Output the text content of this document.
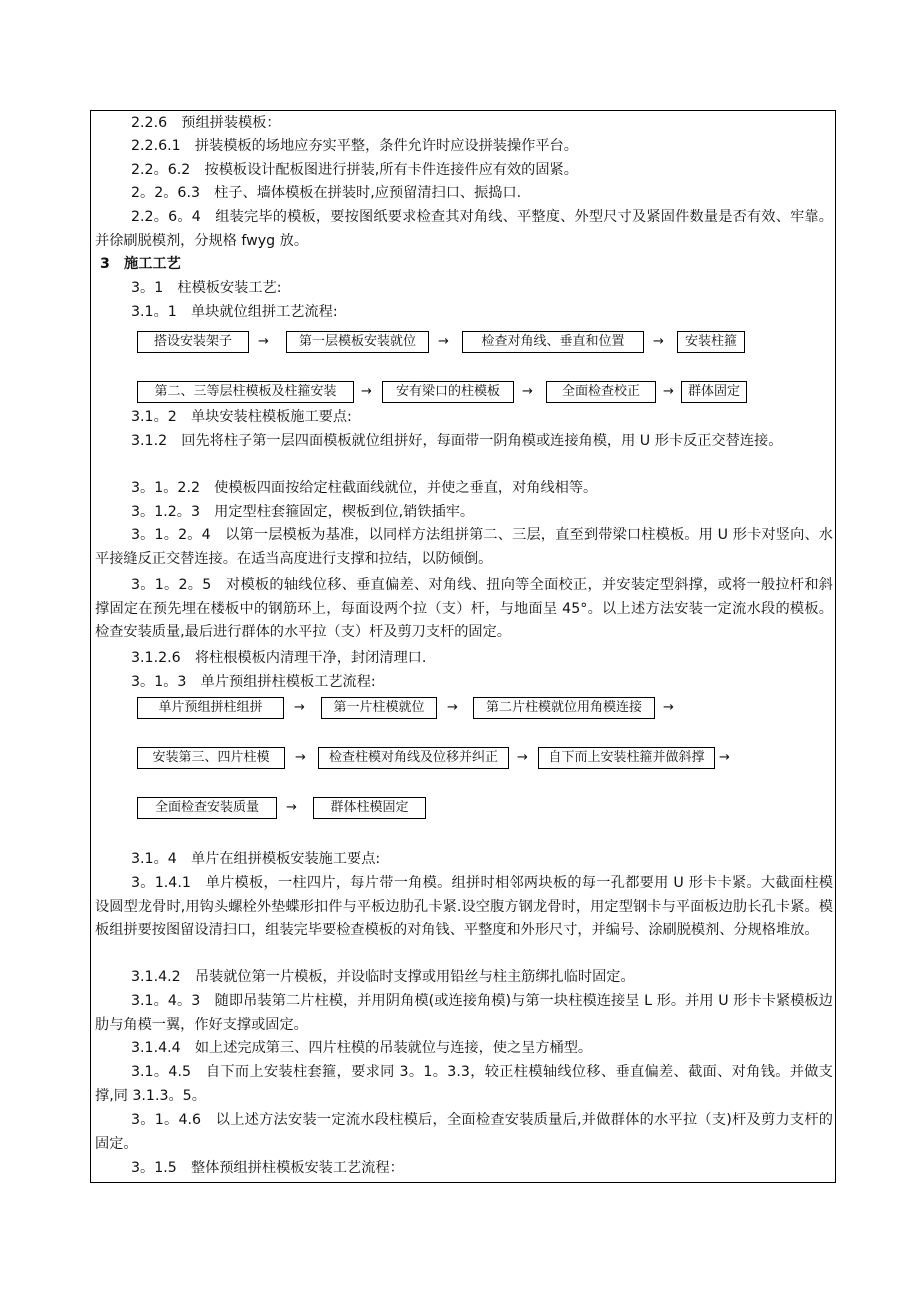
2.2.6　预组拼装模板：
2.2.6.1　拼装模板的场地应夯实平整，条件允许时应设拼装操作平台。
2.2。6.2　按模板设计配板图进行拼装,所有卡件连接件应有效的固紧。
2。2。6.3　柱子、墙体模板在拼装时,应预留清扫口、振捣口.
2.2。6。4　组装完毕的模板，要按图纸要求检查其对角线、平整度、外型尺寸及紧固件数量是否有效、牢靠。并徐刷脱模剂，分规格 fwyg 放。
3　施工工艺
3。1　柱模板安装工艺:
3.1。1　单块就位组拼工艺流程:
搭设安装架子	→	第一层模板安装就位	→	检查对角线、垂直和位置	→	安装柱箍
第二、三等层柱模板及柱箍安装	→	安有梁口的柱模板	→	全面检查校正	→	群体固定
3.1。2　单块安装柱模板施工要点:
3.1.2　回先将柱子第一层四面模板就位组拼好，每面带一阴角模或连接角模，用 U 形卡反正交替连接。
3。1。2.2　使模板四面按给定柱截面线就位，并使之垂直，对角线相等。
3。1.2。3　用定型柱套箍固定，楔板到位,销铁插牢。
3。1。2。4　以第一层模板为基准，以同样方法组拼第二、三层，直至到带梁口柱模板。用 U 形卡对竖向、水平接缝反正交替连接。在适当高度进行支撑和拉结，以防倾倒。
3。1。2。5　对模板的轴线位移、垂直偏差、对角线、扭向等全面校正，并安装定型斜撑，或将一般拉杆和斜撑固定在预先埋在楼板中的钢筋环上，每面设两个拉（支）杆，与地面呈 45°。以上述方法安装一定流水段的模板。检查安装质量,最后进行群体的水平拉（支）杆及剪刀支杆的固定。
3.1.2.6　将柱根模板内清理干净，封闭清理口.
3。1。3　单片预组拼柱模板工艺流程:
单片预组拼柱组拼	→	第一片柱模就位	→	第二片柱模就位用角模连接	→
安装第三、四片柱模	→	检查柱模对角线及位移并纠正	→	自下而上安装柱箍并做斜撑	→
全面检查安装质量	→	群体柱模固定
3.1。4　单片在组拼模板安装施工要点:
3。1.4.1　单片模板，一柱四片，每片带一角模。组拼时相邻两块板的每一孔都要用 U 形卡卡紧。大截面柱模设圆型龙骨时,用钩头螺栓外垫蝶形扣件与平板边肋孔卡紧.设空腹方钢龙骨时，用定型钢卡与平面板边肋长孔卡紧。模板组拼要按图留设清扫口，组装完毕要检查模板的对角钱、平整度和外形尺寸，并编号、涂刷脱模剂、分规格堆放。
3.1.4.2　吊装就位第一片模板，并设临时支撑或用铅丝与柱主筋绑扎临时固定。
3.1。4。3　随即吊装第二片柱模，并用阴角模(或连接角模)与第一块柱模连接呈 L 形。并用 U 形卡卡紧模板边肋与角模一翼，作好支撑或固定。
3.1.4.4　如上述完成第三、四片柱模的吊装就位与连接，使之呈方桶型。
3.1。4.5　自下而上安装柱套箍，要求同 3。1。3.3，较正柱模轴线位移、垂直偏差、截面、对角钱。并做支撑,同 3.1.3。5。
3。1。4.6　以上述方法安装一定流水段柱模后，全面检查安装质量后,并做群体的水平拉（支)杆及剪力支杆的固定。
3。1.5　整体预组拼柱模板安装工艺流程：
